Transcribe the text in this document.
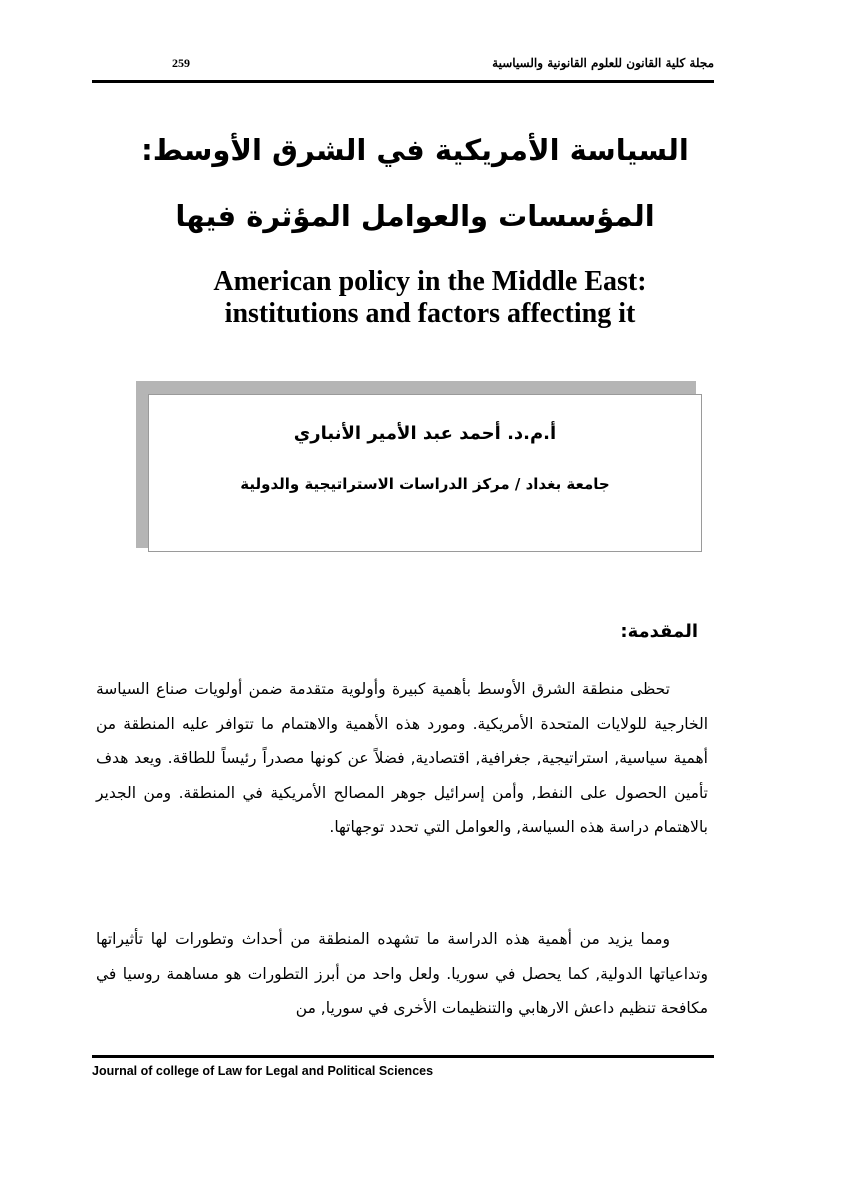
259	مجلة كلية القانون للعلوم القانونية والسياسية
السياسة الأمريكية في الشرق الأوسط:
المؤسسات والعوامل المؤثرة فيها
American policy in the Middle East:
institutions and factors affecting it
أ.م.د. أحمد عبد الأمير الأنباري
جامعة بغداد / مركز الدراسات الاستراتيجية والدولية
المقدمة:

تحظى منطقة الشرق الأوسط بأهمية كبيرة وأولوية متقدمة ضمن أولويات صناع السياسة الخارجية للولايات المتحدة الأمريكية. ومورد هذه الأهمية والاهتمام ما تتوافر عليه المنطقة من أهمية سياسية, استراتيجية, جغرافية, اقتصادية, فضلاً عن كونها مصدراً رئيساً للطاقة. ويعد هدف تأمين الحصول على النفط, وأمن إسرائيل جوهر المصالح الأمريكية في المنطقة. ومن الجدير بالاهتمام دراسة هذه السياسة, والعوامل التي تحدد توجهاتها.

ومما يزيد من أهمية هذه الدراسة ما تشهده المنطقة من أحداث وتطورات لها تأثيراتها وتداعياتها الدولية, كما يحصل في سوريا. ولعل واحد من أبرز التطورات هو مساهمة روسيا في مكافحة تنظيم داعش الارهابي والتنظيمات الأخرى في سوريا, من

Journal of college of Law for Legal and Political Sciences
